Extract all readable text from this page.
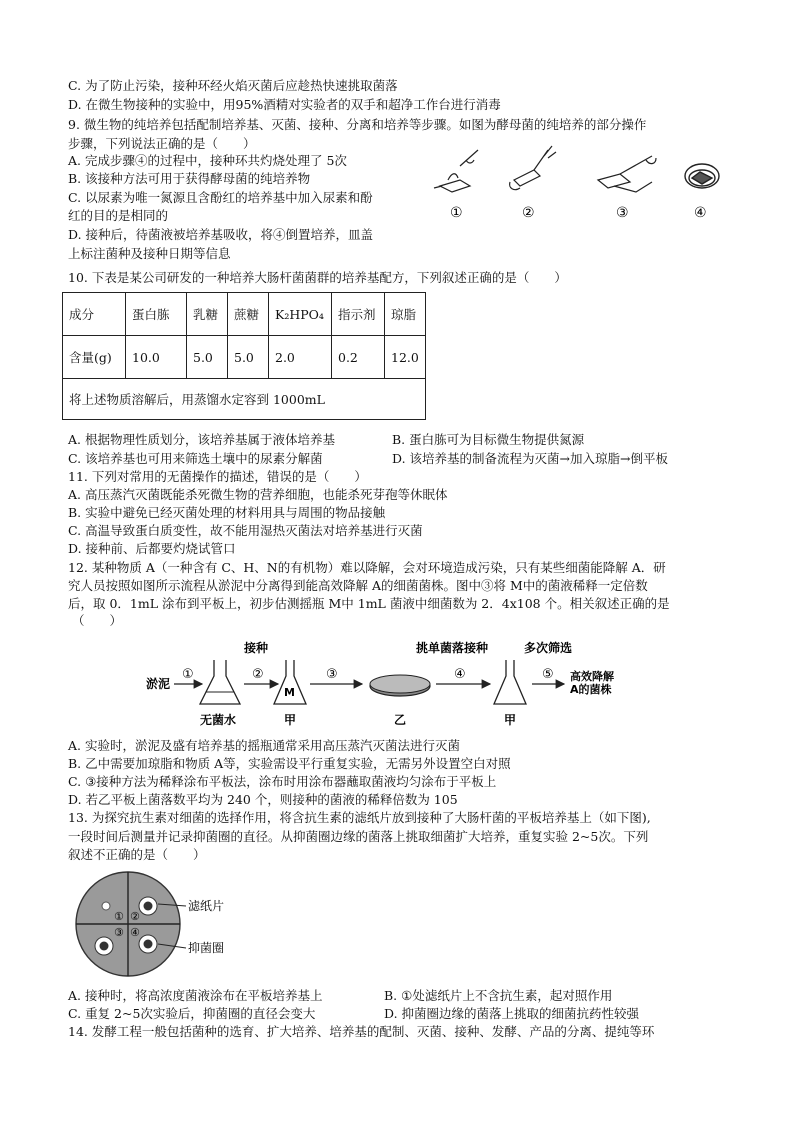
C. 为了防止污染，接种环经火焰灭菌后应趁热快速挑取菌落
D. 在微生物接种的实验中，用95%酒精对实验者的双手和超净工作台进行消毒
9. 微生物的纯培养包括配制培养基、灭菌、接种、分离和培养等步骤。如图为酵母菌的纯培养的部分操作
步骤，下列说法正确的是（　　）
A. 完成步骤④的过程中，接种环共灼烧处理了 5次
B. 该接种方法可用于获得酵母菌的纯培养物
C. 以尿素为唯一氮源且含酚红的培养基中加入尿素和酚
红的目的是相同的
D. 接种后，待菌液被培养基吸收，将④倒置培养，皿盖
上标注菌种及接种日期等信息
①	②	③	④
10. 下表是某公司研发的一种培养大肠杆菌菌群的培养基配方，下列叙述正确的是（　　）
成分	蛋白胨	乳糖	蔗糖	K₂HPO₄	指示剂	琼脂
含量(g)	10.0	5.0	5.0	2.0	0.2	12.0
将上述物质溶解后，用蒸馏水定容到 1000mL						
A. 根据物理性质划分，该培养基属于液体培养基	B. 蛋白胨可为目标微生物提供氮源
C. 该培养基也可用来筛选土壤中的尿素分解菌	D. 该培养基的制备流程为灭菌→加入琼脂→倒平板
11. 下列对常用的无菌操作的描述，错误的是（　　）
A. 高压蒸汽灭菌既能杀死微生物的营养细胞，也能杀死芽孢等休眠体
B. 实验中避免已经灭菌处理的材料用具与周围的物品接触
C. 高温导致蛋白质变性，故不能用湿热灭菌法对培养基进行灭菌
D. 接种前、后都要灼烧试管口
12. 某种物质 A（一种含有 C、H、N的有机物）难以降解，会对环境造成污染，只有某些细菌能降解 A．研
究人员按照如图所示流程从淤泥中分离得到能高效降解 A的细菌菌株。图中③将 M中的菌液稀释一定倍数
后，取 0．1mL 涂布到平板上，初步估测摇瓶 M中 1mL 菌液中细菌数为 2．4x108 个。相关叙述正确的是
（　　）
淤泥
①
无菌水
②
接种
M
甲
③
乙
挑单菌落接种
④
甲
多次筛选
⑤ 高效降解
A的菌株
A. 实验时，淤泥及盛有培养基的摇瓶通常采用高压蒸汽灭菌法进行灭菌
B. 乙中需要加琼脂和物质 A等，实验需设平行重复实验，无需另外设置空白对照
C. ③接种方法为稀释涂布平板法，涂布时用涂布器蘸取菌液均匀涂布于平板上
D. 若乙平板上菌落数平均为 240 个，则接种的菌液的稀释倍数为 105
13. 为探究抗生素对细菌的选择作用，将含抗生素的滤纸片放到接种了大肠杆菌的平板培养基上（如下图),
一段时间后测量并记录抑菌圈的直径。从抑菌圈边缘的菌落上挑取细菌扩大培养，重复实验 2~5次。下列
叙述不正确的是（　　）
① ②
③ ④
滤纸片
抑菌圈
A. 接种时，将高浓度菌液涂布在平板培养基上	B. ①处滤纸片上不含抗生素，起对照作用
C. 重复 2~5次实验后，抑菌圈的直径会变大	D. 抑菌圈边缘的菌落上挑取的细菌抗药性较强
14. 发酵工程一般包括菌种的选育、扩大培养、培养基的配制、灭菌、接种、发酵、产品的分离、提纯等环
